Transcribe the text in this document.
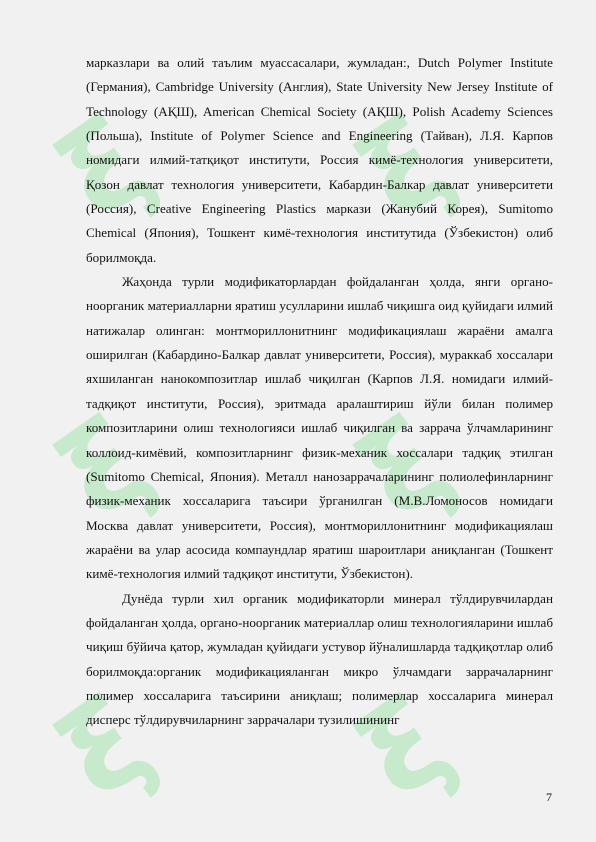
ξ ξ
ξ ξ
ξ ξ

марказлари ва олий таълим муассасалари, жумладан:, Dutch Polymer Institute (Германия), Cambridge University (Англия), State University New Jersey Institute of Technology (АҚШ), American Chemical Society (АҚШ), Polish Academy Sciences (Польша), Institute of Polymer Science and Engineering (Тайван), Л.Я. Карпов номидаги илмий-татқиқот институти, Россия кимё-технология университети, Қозон давлат технология университети, Кабардин-Балкар давлат университети (Россия), Creative Engineering Plastics маркази (Жанубий Корея), Sumitomo Chemical (Япония), Тошкент кимё-технология институтида (Ўзбекистон) олиб борилмоқда.

Жаҳонда турли модификаторлардан фойдаланган ҳолда, янги органо-ноорганик материалларни яратиш усулларини ишлаб чиқишга оид қуйидаги илмий натижалар олинган: монтмориллонитнинг модификациялаш жараёни амалга оширилган (Кабардино-Балкар давлат университети, Россия), мураккаб хоссалари яхшиланган нанокомпозитлар ишлаб чиқилган (Карпов Л.Я. номидаги илмий-тадқиқот институти, Россия), эритмада аралаштириш йўли билан полимер композитларини олиш технологияси ишлаб чиқилган ва заррача ўлчамларининг коллоид-кимёвий, композитларнинг физик-механик хоссалари тадқиқ этилган (Sumitomo Chemical, Япония). Металл нанозаррачаларининг полиолефинларнинг физик-механик хоссаларига таъсири ўрганилган (М.В.Ломоносов номидаги Москва давлат университети, Россия), монтмориллонитнинг модификациялаш жараёни ва улар асосида компаундлар яратиш шароитлари аниқланган (Тошкент кимё-технология илмий тадқиқот институти, Ўзбекистон).

Дунёда турли хил органик модификаторли минерал тўлдирувчилардан фойдаланган ҳолда, органо-ноорганик материаллар олиш технологияларини ишлаб чиқиш бўйича қатор, жумладан қуйидаги устувор йўналишларда тадқиқотлар олиб борилмоқда:органик модификацияланган микро ўлчамдаги заррачаларнинг полимер хоссаларига таъсирини аниқлаш; полимерлар хоссаларига минерал дисперс тўлдирувчиларнинг заррачалари тузилишининг

7
